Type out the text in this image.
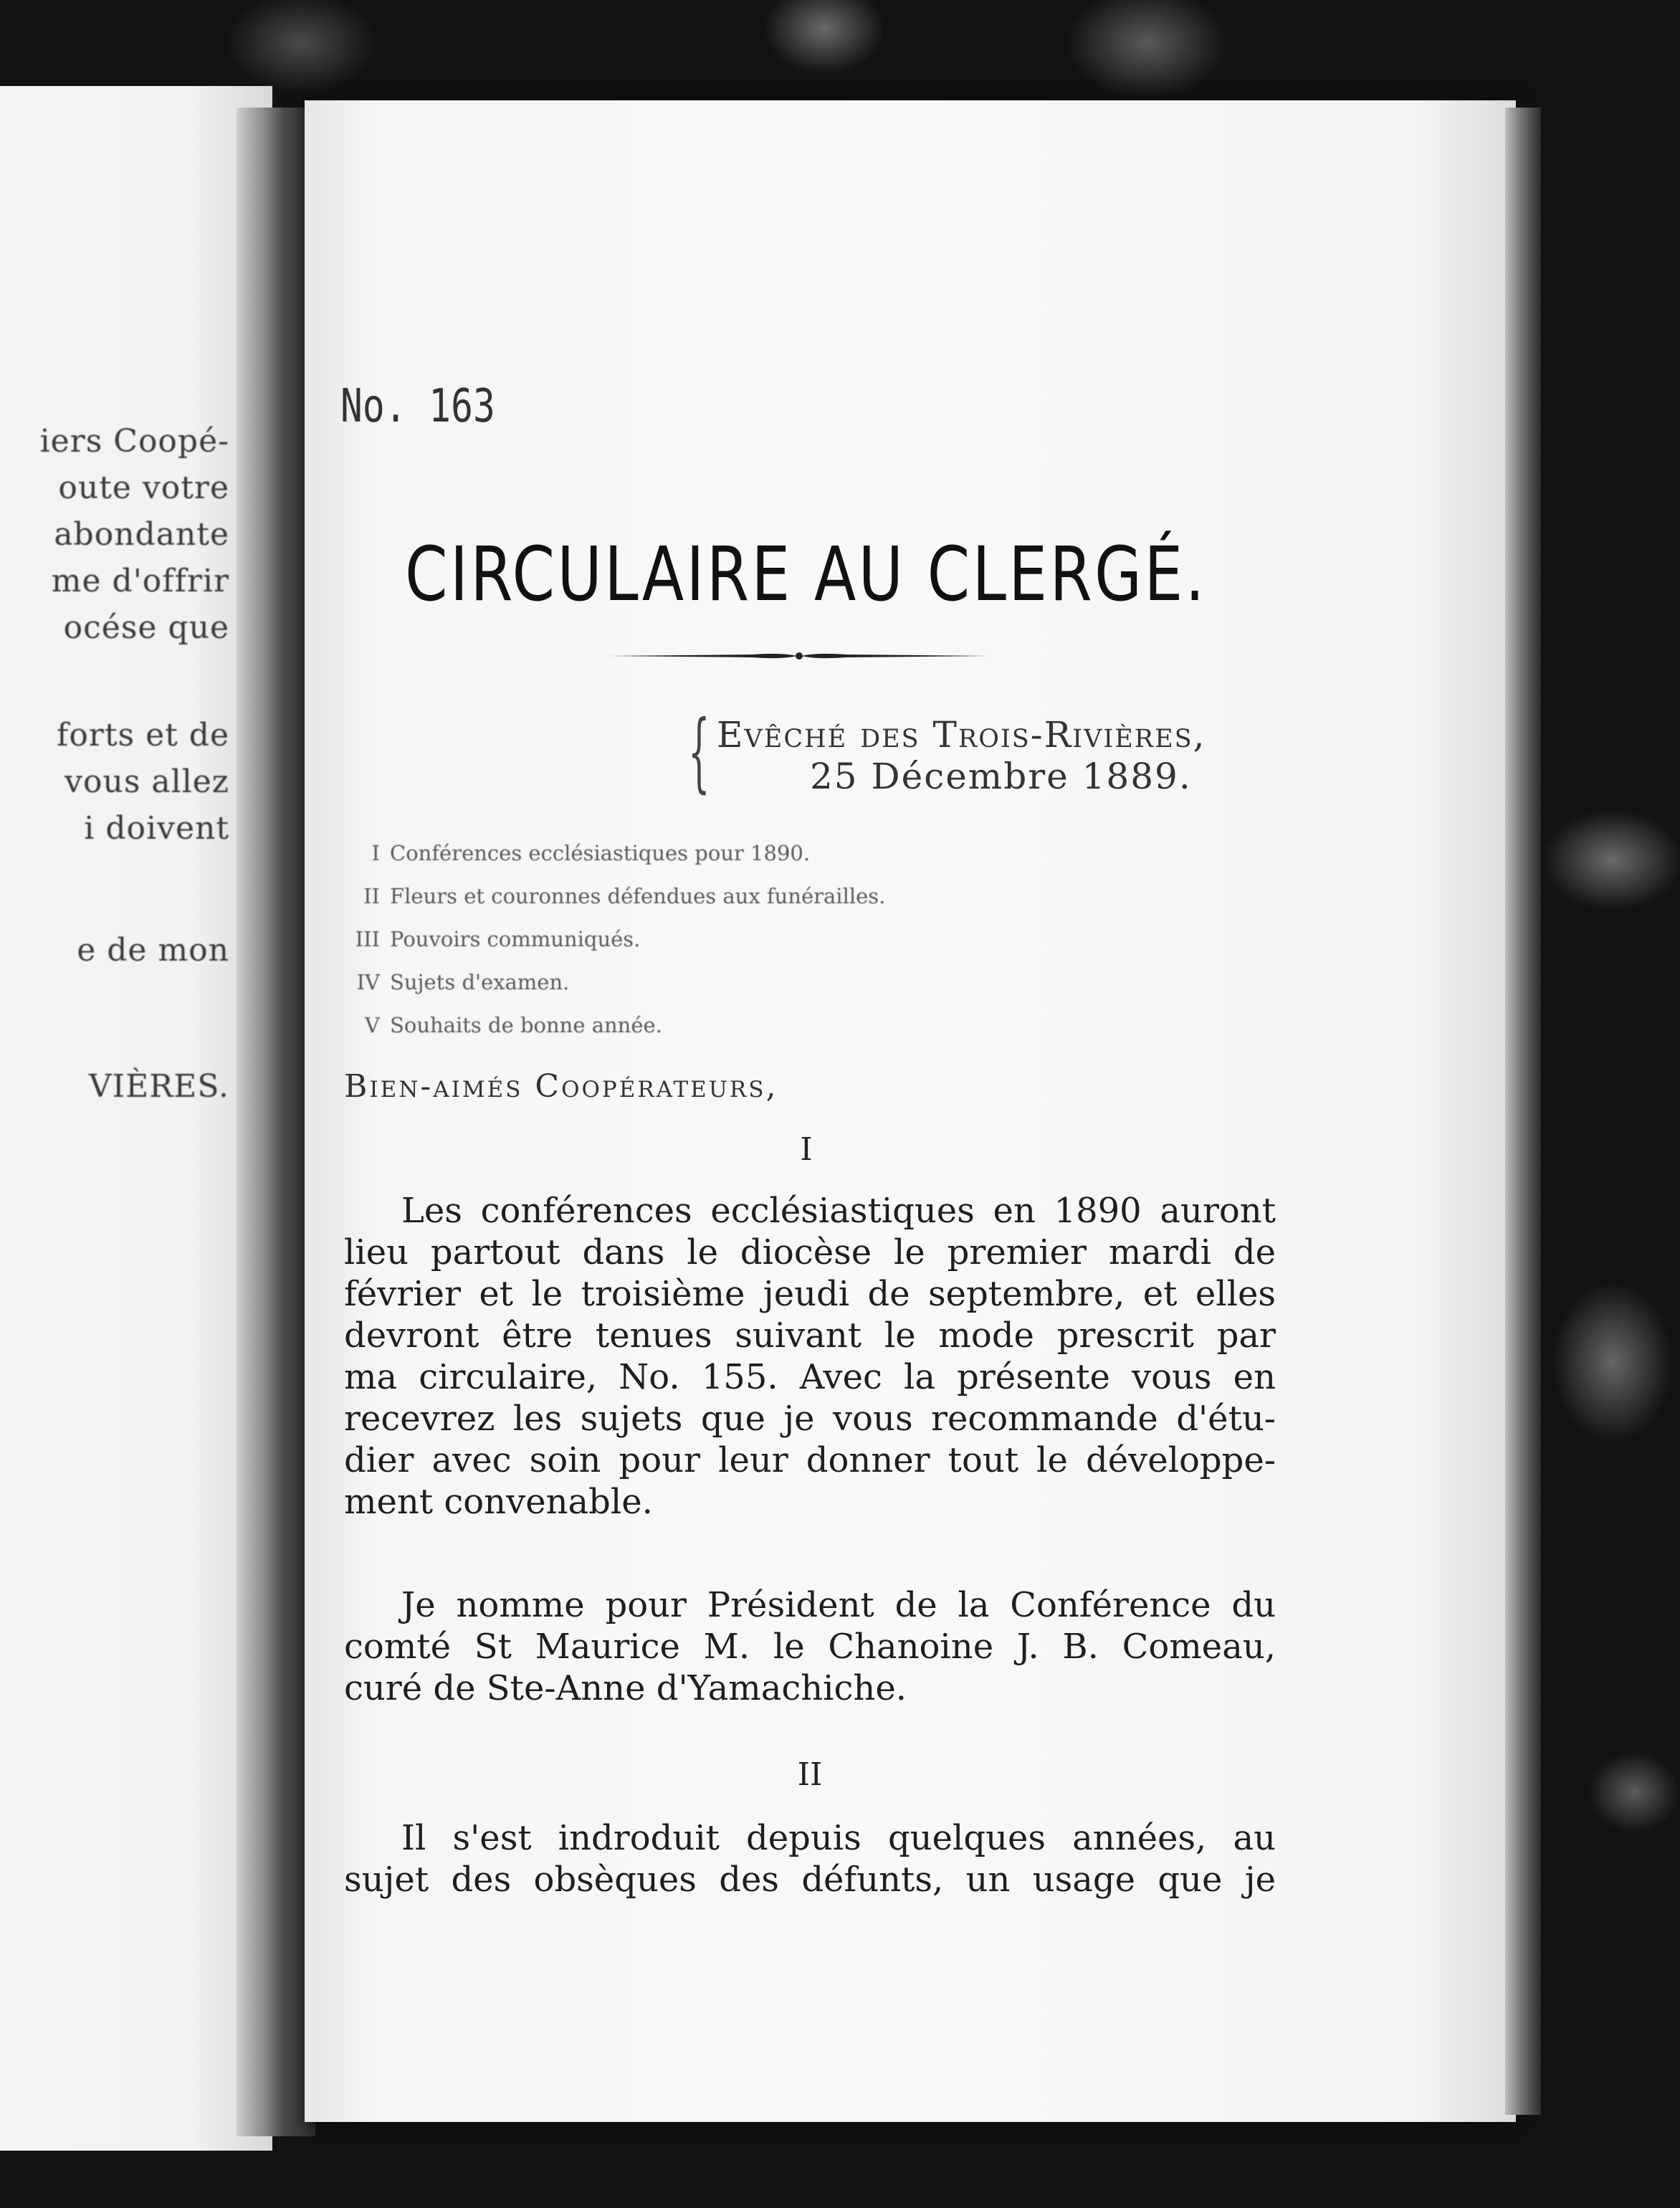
iers Coopé-
oute votre
abondante
me d'offrir
océse que
forts et de
vous allez
i doivent
e de mon
VIÈRES.
No. 163
CIRCULAIRE AU CLERGÉ.
{ Evêché des Trois-Rivières,
25 Décembre 1889.
I Conférences ecclésiastiques pour 1890.
II Fleurs et couronnes défendues aux funérailles.
III Pouvoirs communiqués.
IV Sujets d'examen.
V Souhaits de bonne année.
Bien-aimés Coopérateurs,
I
Les conférences ecclésiastiques en 1890 auront
lieu partout dans le diocèse le premier mardi de
février et le troisième jeudi de septembre, et elles
devront être tenues suivant le mode prescrit par
ma circulaire, No. 155. Avec la présente vous en
recevrez les sujets que je vous recommande d'étu-
dier avec soin pour leur donner tout le développe-
ment convenable.
Je nomme pour Président de la Conférence du
comté St Maurice M. le Chanoine J. B. Comeau,
curé de Ste-Anne d'Yamachiche.
II
Il s'est indroduit depuis quelques années, au
sujet des obsèques des défunts, un usage que je
